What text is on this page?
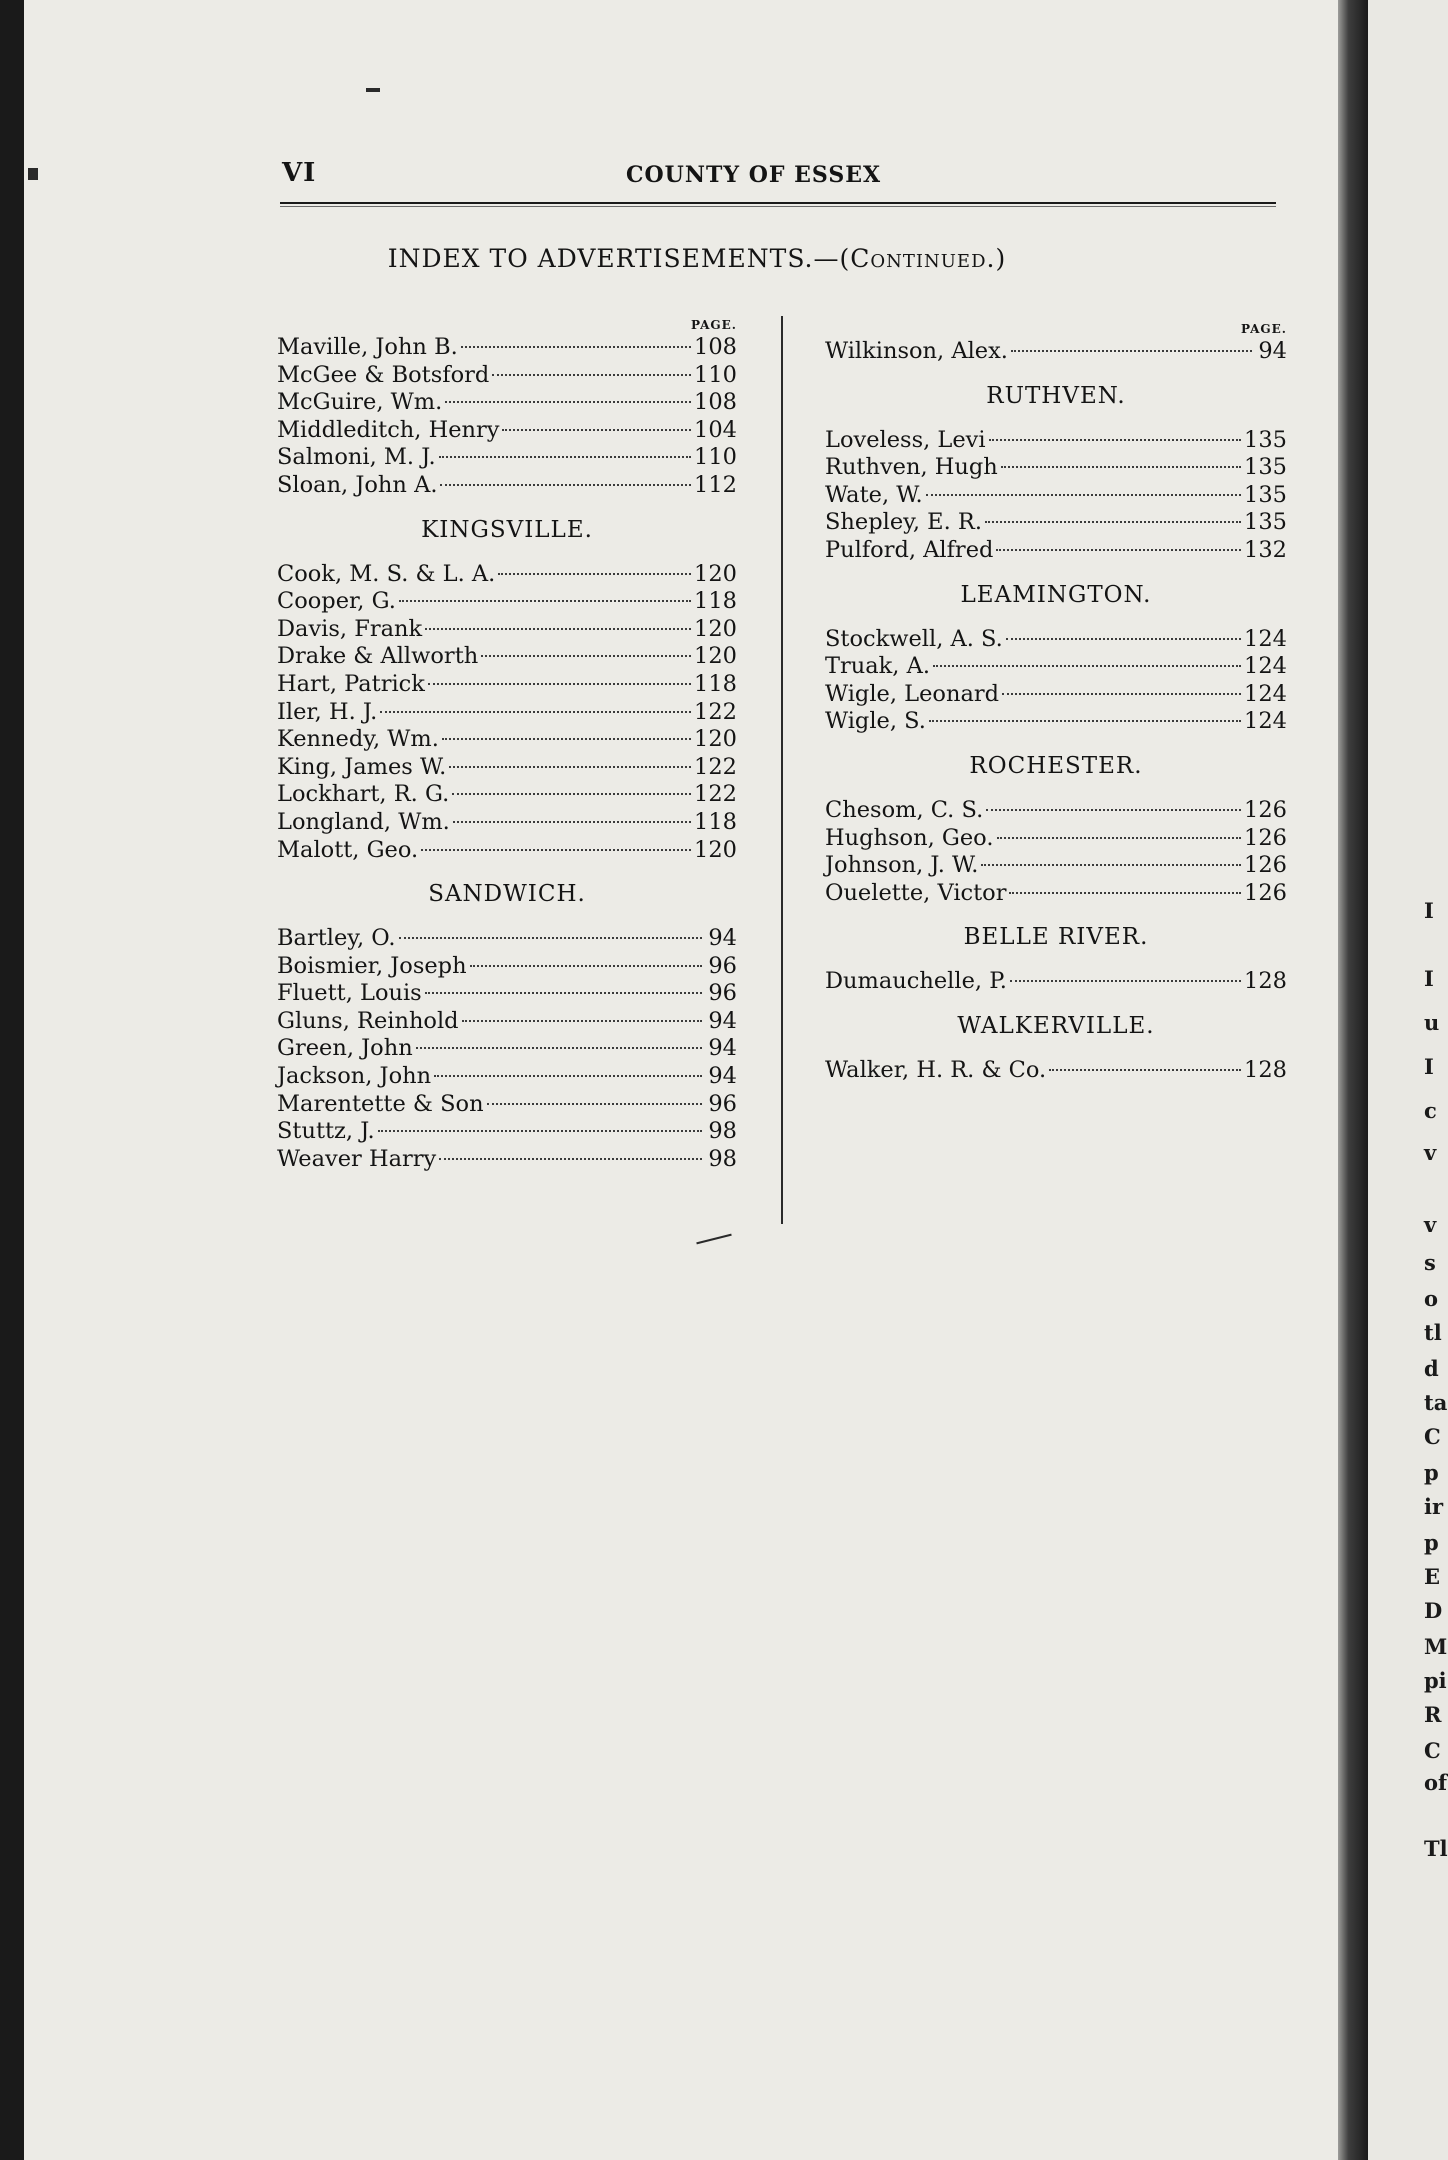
VI	COUNTY OF ESSEX
INDEX TO ADVERTISEMENTS.—(Continued.)
PAGE.
Maville, John B.	108
McGee & Botsford	110
McGuire, Wm.	108
Middleditch, Henry	104
Salmoni, M. J.	110
Sloan, John A.	112
KINGSVILLE.
Cook, M. S. & L. A.	120
Cooper, G.	118
Davis, Frank	120
Drake & Allworth	120
Hart, Patrick	118
Iler, H. J.	122
Kennedy, Wm.	120
King, James W.	122
Lockhart, R. G.	122
Longland, Wm.	118
Malott, Geo.	120
SANDWICH.
Bartley, O.	94
Boismier, Joseph	96
Fluett, Louis	96
Gluns, Reinhold	94
Green, John	94
Jackson, John	94
Marentette & Son	96
Stuttz, J.	98
Weaver Harry	98
PAGE.
Wilkinson, Alex.	94
RUTHVEN.
Loveless, Levi	135
Ruthven, Hugh	135
Wate, W.	135
Shepley, E. R.	135
Pulford, Alfred	132
LEAMINGTON.
Stockwell, A. S.	124
Truak, A.	124
Wigle, Leonard	124
Wigle, S.	124
ROCHESTER.
Chesom, C. S.	126
Hughson, Geo.	126
Johnson, J. W.	126
Ouelette, Victor	126
BELLE RIVER.
Dumauchelle, P.	128
WALKERVILLE.
Walker, H. R. & Co.	128
I
I
u
I
c
v
v
s
o
tl
d
ta
C
p
ir
p
E
D
M
pi
R
C
of
Tl
